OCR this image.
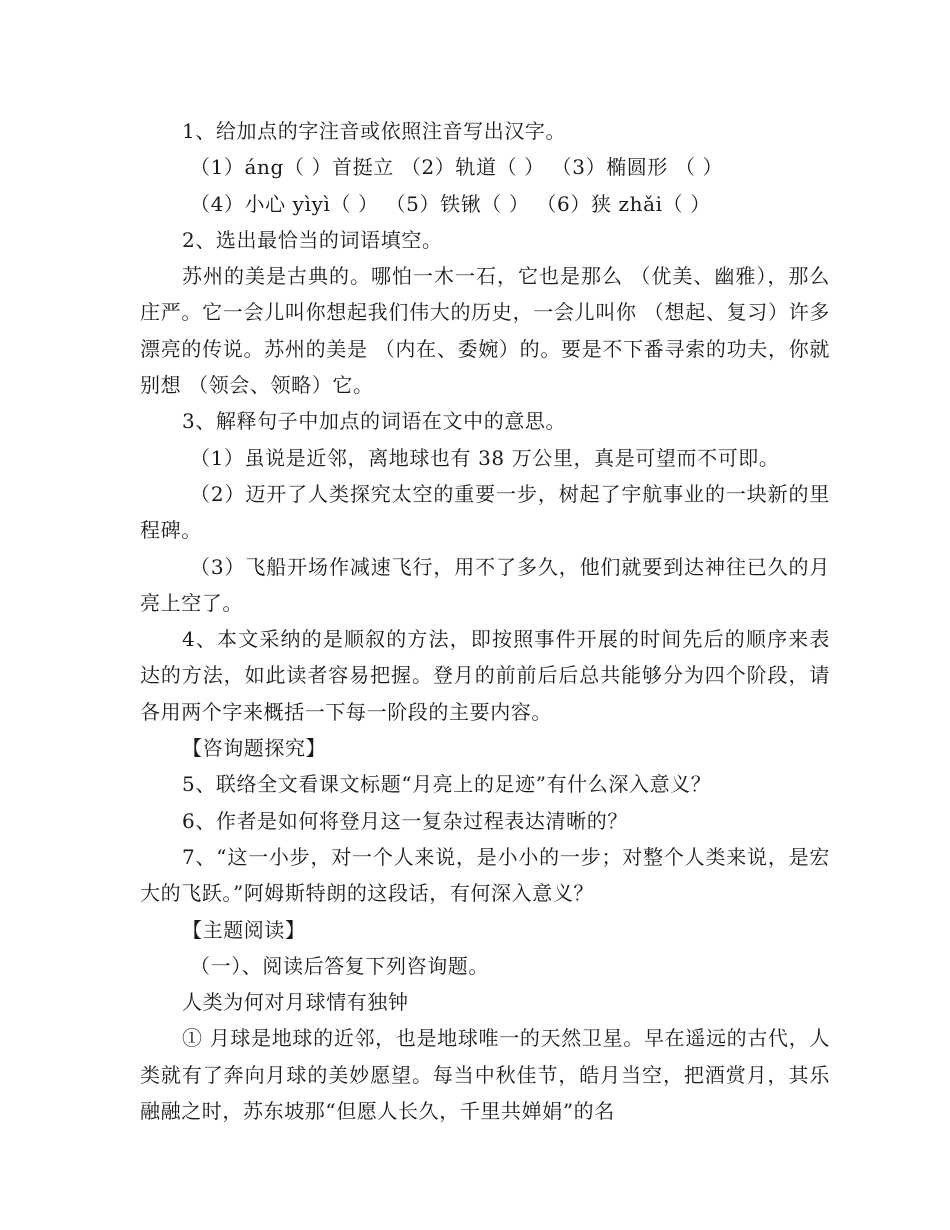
1、给加点的字注音或依照注音写出汉字。

（1）áng（ ）首挺立 （2）轨道（ ） （3）椭圆形 （ ）

（4）小心 yìyì（ ） （5）铁锹（ ） （6）狭 zhǎi（ ）

2、选出最恰当的词语填空。

苏州的美是古典的。哪怕一木一石，它也是那么 （优美、幽雅），那么庄严。它一会儿叫你想起我们伟大的历史，一会儿叫你 （想起、复习）许多漂亮的传说。苏州的美是 （内在、委婉）的。要是不下番寻索的功夫，你就别想 （领会、领略）它。

3、解释句子中加点的词语在文中的意思。

（1）虽说是近邻，离地球也有 38 万公里，真是可望而不可即。

（2）迈开了人类探究太空的重要一步，树起了宇航事业的一块新的里程碑。

（3）飞船开场作减速飞行，用不了多久，他们就要到达神往已久的月亮上空了。

4、本文采纳的是顺叙的方法，即按照事件开展的时间先后的顺序来表达的方法，如此读者容易把握。登月的前前后后总共能够分为四个阶段，请各用两个字来概括一下每一阶段的主要内容。

【咨询题探究】

5、联络全文看课文标题“月亮上的足迹”有什么深入意义？

6、作者是如何将登月这一复杂过程表达清晰的？

7、“这一小步，对一个人来说，是小小的一步；对整个人类来说，是宏大的飞跃。”阿姆斯特朗的这段话，有何深入意义？

【主题阅读】

（一）、阅读后答复下列咨询题。

人类为何对月球情有独钟

① 月球是地球的近邻，也是地球唯一的天然卫星。早在遥远的古代，人类就有了奔向月球的美妙愿望。每当中秋佳节，皓月当空，把酒赏月，其乐融融之时，苏东坡那“但愿人长久，千里共婵娟”的名
